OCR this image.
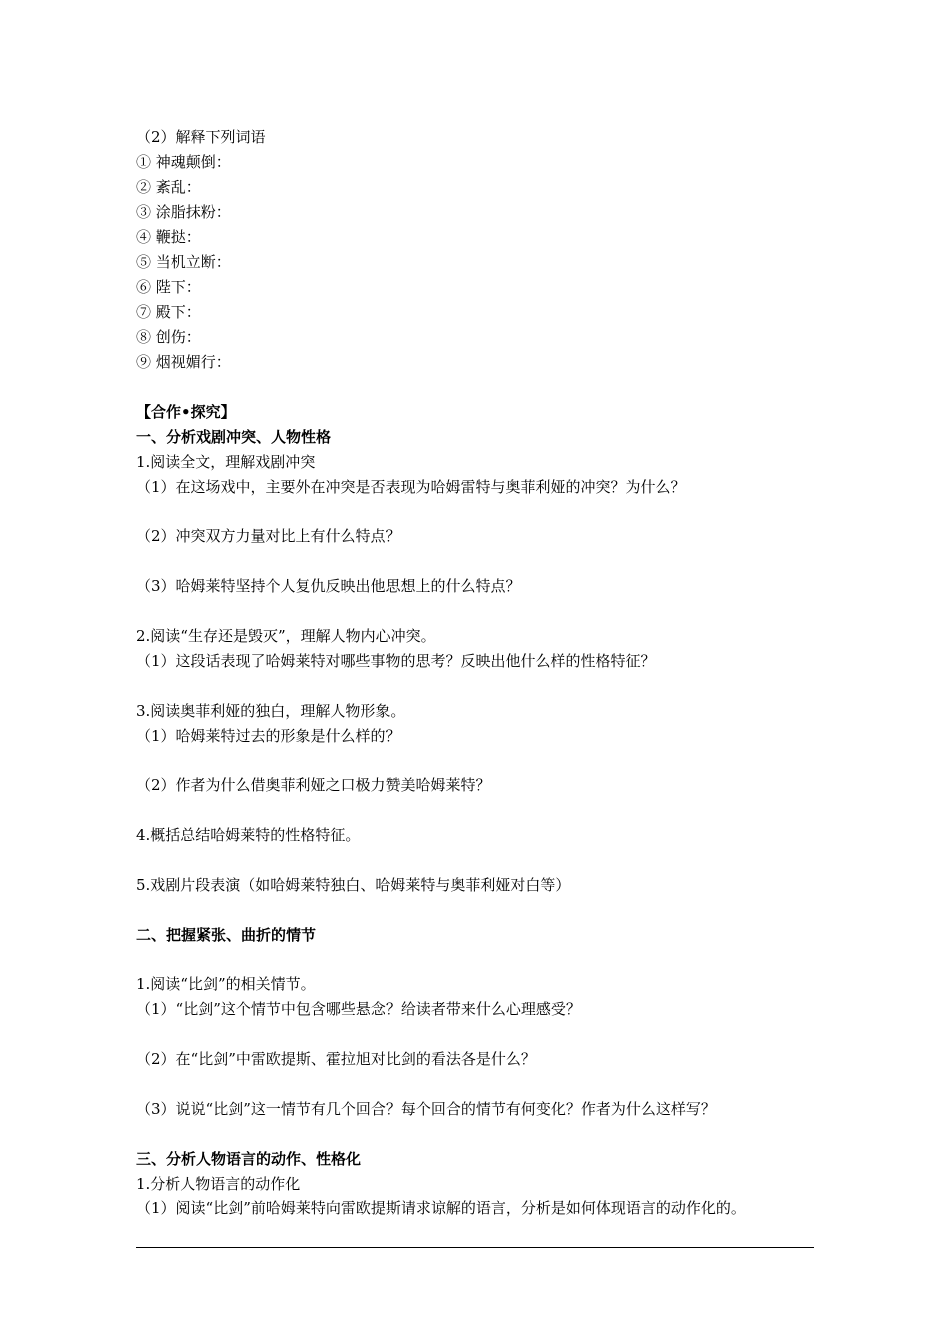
（2）解释下列词语
① 神魂颠倒：
② 紊乱：
③ 涂脂抹粉：
④ 鞭挞：
⑤ 当机立断：
⑥ 陛下：
⑦ 殿下：
⑧ 创伤：
⑨ 烟视媚行：
【合作•探究】
一、分析戏剧冲突、人物性格
1.阅读全文，理解戏剧冲突
（1）在这场戏中，主要外在冲突是否表现为哈姆雷特与奥菲利娅的冲突？为什么？
（2）冲突双方力量对比上有什么特点？
（3）哈姆莱特坚持个人复仇反映出他思想上的什么特点？
2.阅读“生存还是毁灭”，理解人物内心冲突。
（1）这段话表现了哈姆莱特对哪些事物的思考？反映出他什么样的性格特征？
3.阅读奥菲利娅的独白，理解人物形象。
（1）哈姆莱特过去的形象是什么样的？
（2）作者为什么借奥菲利娅之口极力赞美哈姆莱特？
4.概括总结哈姆莱特的性格特征。
5.戏剧片段表演（如哈姆莱特独白、哈姆莱特与奥菲利娅对白等）
二、把握紧张、曲折的情节
1.阅读“比剑”的相关情节。
（1）“比剑”这个情节中包含哪些悬念？给读者带来什么心理感受？
（2）在“比剑”中雷欧提斯、霍拉旭对比剑的看法各是什么？
（3）说说“比剑”这一情节有几个回合？每个回合的情节有何变化？作者为什么这样写？
三、分析人物语言的动作、性格化
1.分析人物语言的动作化
（1）阅读“比剑”前哈姆莱特向雷欧提斯请求谅解的语言，分析是如何体现语言的动作化的。
